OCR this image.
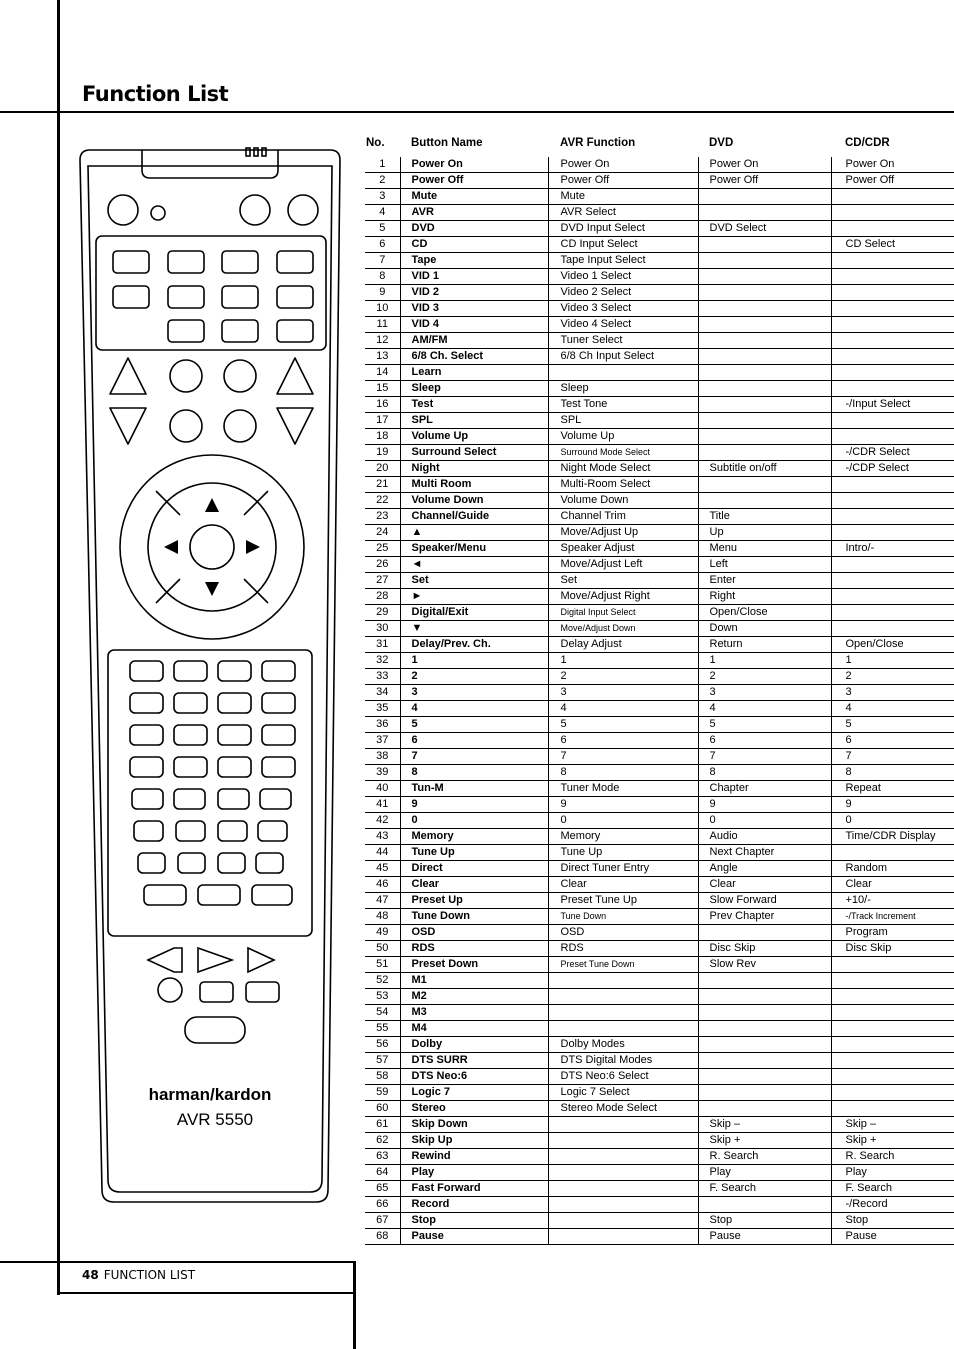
Function List
harman/kardon
AVR 5550
No.	Button Name	AVR Function	DVD	CD/CDR
1	Power On	Power On	Power On	Power On
2	Power Off	Power Off	Power Off	Power Off
3	Mute	Mute		
4	AVR	AVR Select		
5	DVD	DVD Input Select	DVD Select	
6	CD	CD Input Select		CD Select
7	Tape	Tape Input Select		
8	VID 1	Video 1 Select		
9	VID 2	Video 2 Select		
10	VID 3	Video 3 Select		
11	VID 4	Video 4 Select		
12	AM/FM	Tuner Select		
13	6/8 Ch. Select	6/8 Ch Input Select		
14	Learn			
15	Sleep	Sleep		
16	Test	Test Tone		-/Input Select
17	SPL	SPL		
18	Volume Up	Volume Up		
19	Surround Select	Surround Mode Select		-/CDR Select
20	Night	Night Mode Select	Subtitle on/off	-/CDP Select
21	Multi Room	Multi-Room Select		
22	Volume Down	Volume Down		
23	Channel/Guide	Channel Trim	Title	
24	▲	Move/Adjust Up	Up	
25	Speaker/Menu	Speaker Adjust	Menu	Intro/-
26	◄	Move/Adjust Left	Left	
27	Set	Set	Enter	
28	►	Move/Adjust Right	Right	
29	Digital/Exit	Digital Input Select	Open/Close	
30	▼	Move/Adjust Down	Down	
31	Delay/Prev. Ch.	Delay Adjust	Return	Open/Close
32	1	1	1	1
33	2	2	2	2
34	3	3	3	3
35	4	4	4	4
36	5	5	5	5
37	6	6	6	6
38	7	7	7	7
39	8	8	8	8
40	Tun-M	Tuner Mode	Chapter	Repeat
41	9	9	9	9
42	0	0	0	0
43	Memory	Memory	Audio	Time/CDR Display
44	Tune Up	Tune Up	Next Chapter	
45	Direct	Direct Tuner Entry	Angle	Random
46	Clear	Clear	Clear	Clear
47	Preset Up	Preset Tune Up	Slow Forward	+10/-
48	Tune Down	Tune Down	Prev Chapter	-/Track Increment
49	OSD	OSD		Program
50	RDS	RDS	Disc Skip	Disc Skip
51	Preset Down	Preset Tune Down	Slow Rev	
52	M1			
53	M2			
54	M3			
55	M4			
56	Dolby	Dolby Modes		
57	DTS SURR	DTS Digital Modes		
58	DTS Neo:6	DTS Neo:6 Select		
59	Logic 7	Logic 7 Select		
60	Stereo	Stereo Mode Select		
61	Skip Down		Skip –	Skip –
62	Skip Up		Skip +	Skip +
63	Rewind		R. Search	R. Search
64	Play		Play	Play
65	Fast Forward		F. Search	F. Search
66	Record			-/Record
67	Stop		Stop	Stop
68	Pause		Pause	Pause
48 FUNCTION LIST
